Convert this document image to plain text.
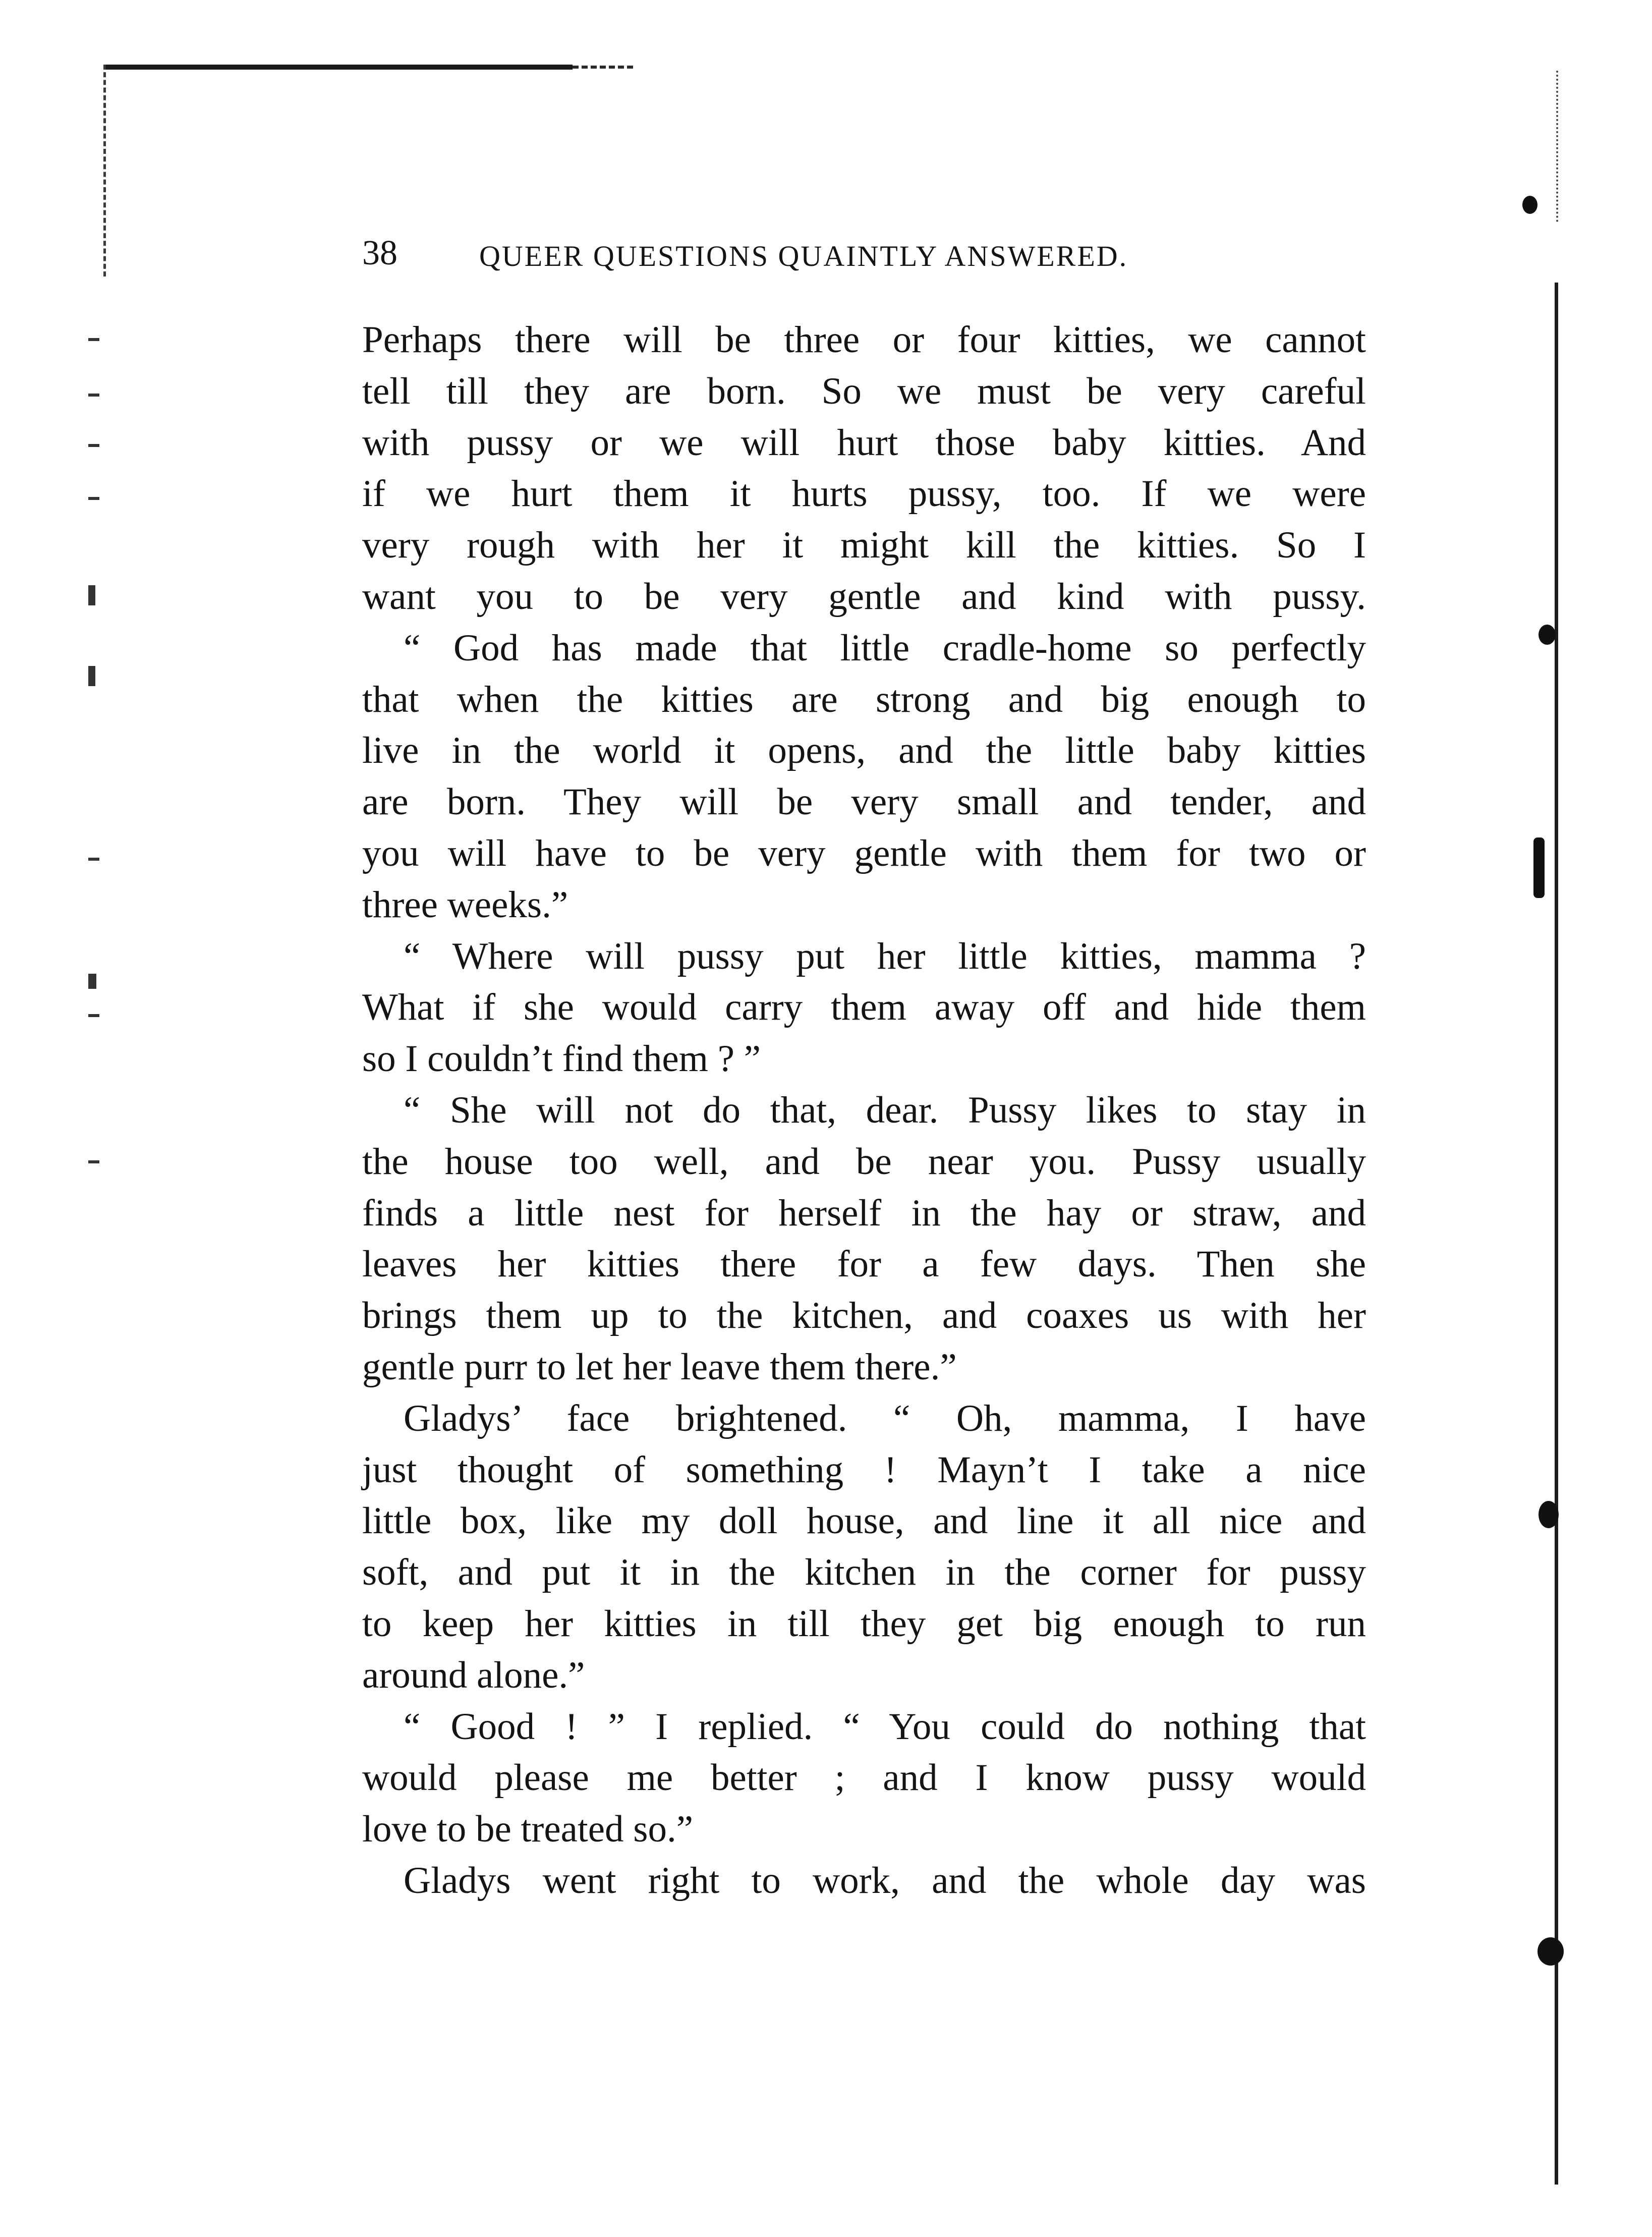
38	QUEER QUESTIONS QUAINTLY ANSWERED.
Perhaps there will be three or four kitties, we cannot
tell till they are born. So we must be very careful
with pussy or we will hurt those baby kitties. And
if we hurt them it hurts pussy, too. If we were
very rough with her it might kill the kitties. So I
want you to be very gentle and kind with pussy.
“ God has made that little cradle-home so perfectly
that when the kitties are strong and big enough to
live in the world it opens, and the little baby kitties
are born. They will be very small and tender, and
you will have to be very gentle with them for two or
three weeks.”
“ Where will pussy put her little kitties, mamma ?
What if she would carry them away off and hide them
so I couldn’t find them ? ”
“ She will not do that, dear. Pussy likes to stay in
the house too well, and be near you. Pussy usually
finds a little nest for herself in the hay or straw, and
leaves her kitties there for a few days. Then she
brings them up to the kitchen, and coaxes us with her
gentle purr to let her leave them there.”
Gladys’ face brightened. “ Oh, mamma, I have
just thought of something ! Mayn’t I take a nice
little box, like my doll house, and line it all nice and
soft, and put it in the kitchen in the corner for pussy
to keep her kitties in till they get big enough to run
around alone.”
“ Good ! ” I replied. “ You could do nothing that
would please me better ; and I know pussy would
love to be treated so.”
Gladys went right to work, and the whole day was
